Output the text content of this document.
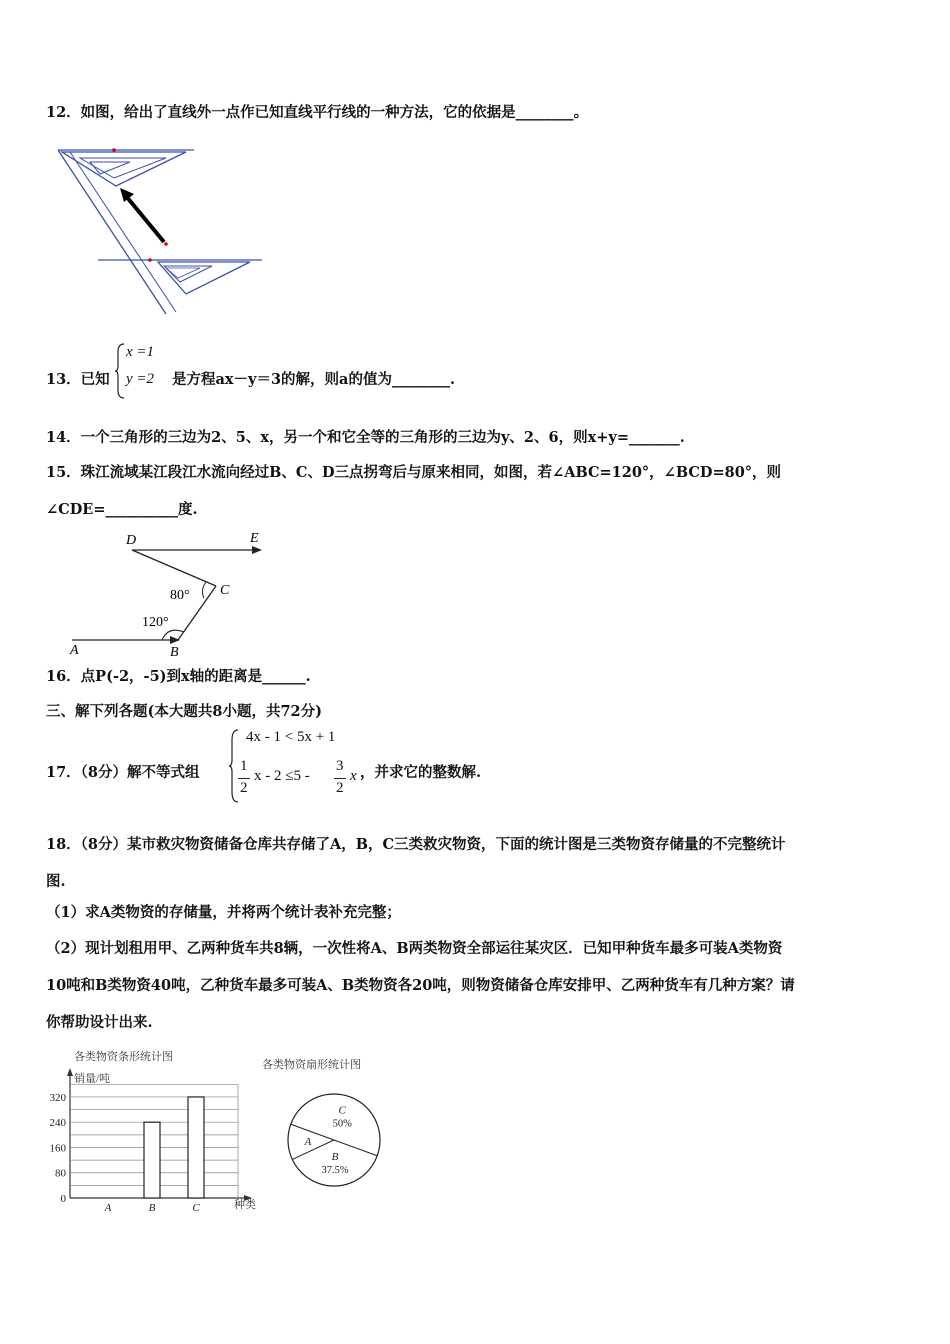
12．如图，给出了直线外一点作已知直线平行线的一种方法，它的依据是________。
13．已知
x =1
y =2 是方程ax－y＝3的解，则a的值为________.
14．一个三角形的三边为2、5、x，另一个和它全等的三角形的三边为y、2、6，则x+y=_______.
15．珠江流域某江段江水流向经过B、C、D三点拐弯后与原来相同，如图，若∠ABC=120°，∠BCD=80°，则
∠CDE=__________度.
D	E
C
80°
120°
A	B
16．点P(-2，-5)到x轴的距离是______.
三、解下列各题(本大题共8小题，共72分)
17．（8分）解不等式组
4x - 1 < 5x + 1
1
2
x - 2 ≤5 -
3
2
x ，并求它的整数解.
18．（8分）某市救灾物资储备仓库共存储了A，B，C三类救灾物资，下面的统计图是三类物资存储量的不完整统计
图.
（1）求A类物资的存储量，并将两个统计表补充完整；
（2）现计划租用甲、乙两种货车共8辆，一次性将A、B两类物资全部运往某灾区．已知甲种货车最多可装A类物资
10吨和B类物资40吨，乙种货车最多可装A、B类物资各20吨，则物资储备仓库安排甲、乙两种货车有几种方案？请
你帮助设计出来.
各类物资条形统计图
销量/吨
种类
0
80
160
240
320
A	B	C
各类物资扇形统计图
C
50%
B
37.5%
A
